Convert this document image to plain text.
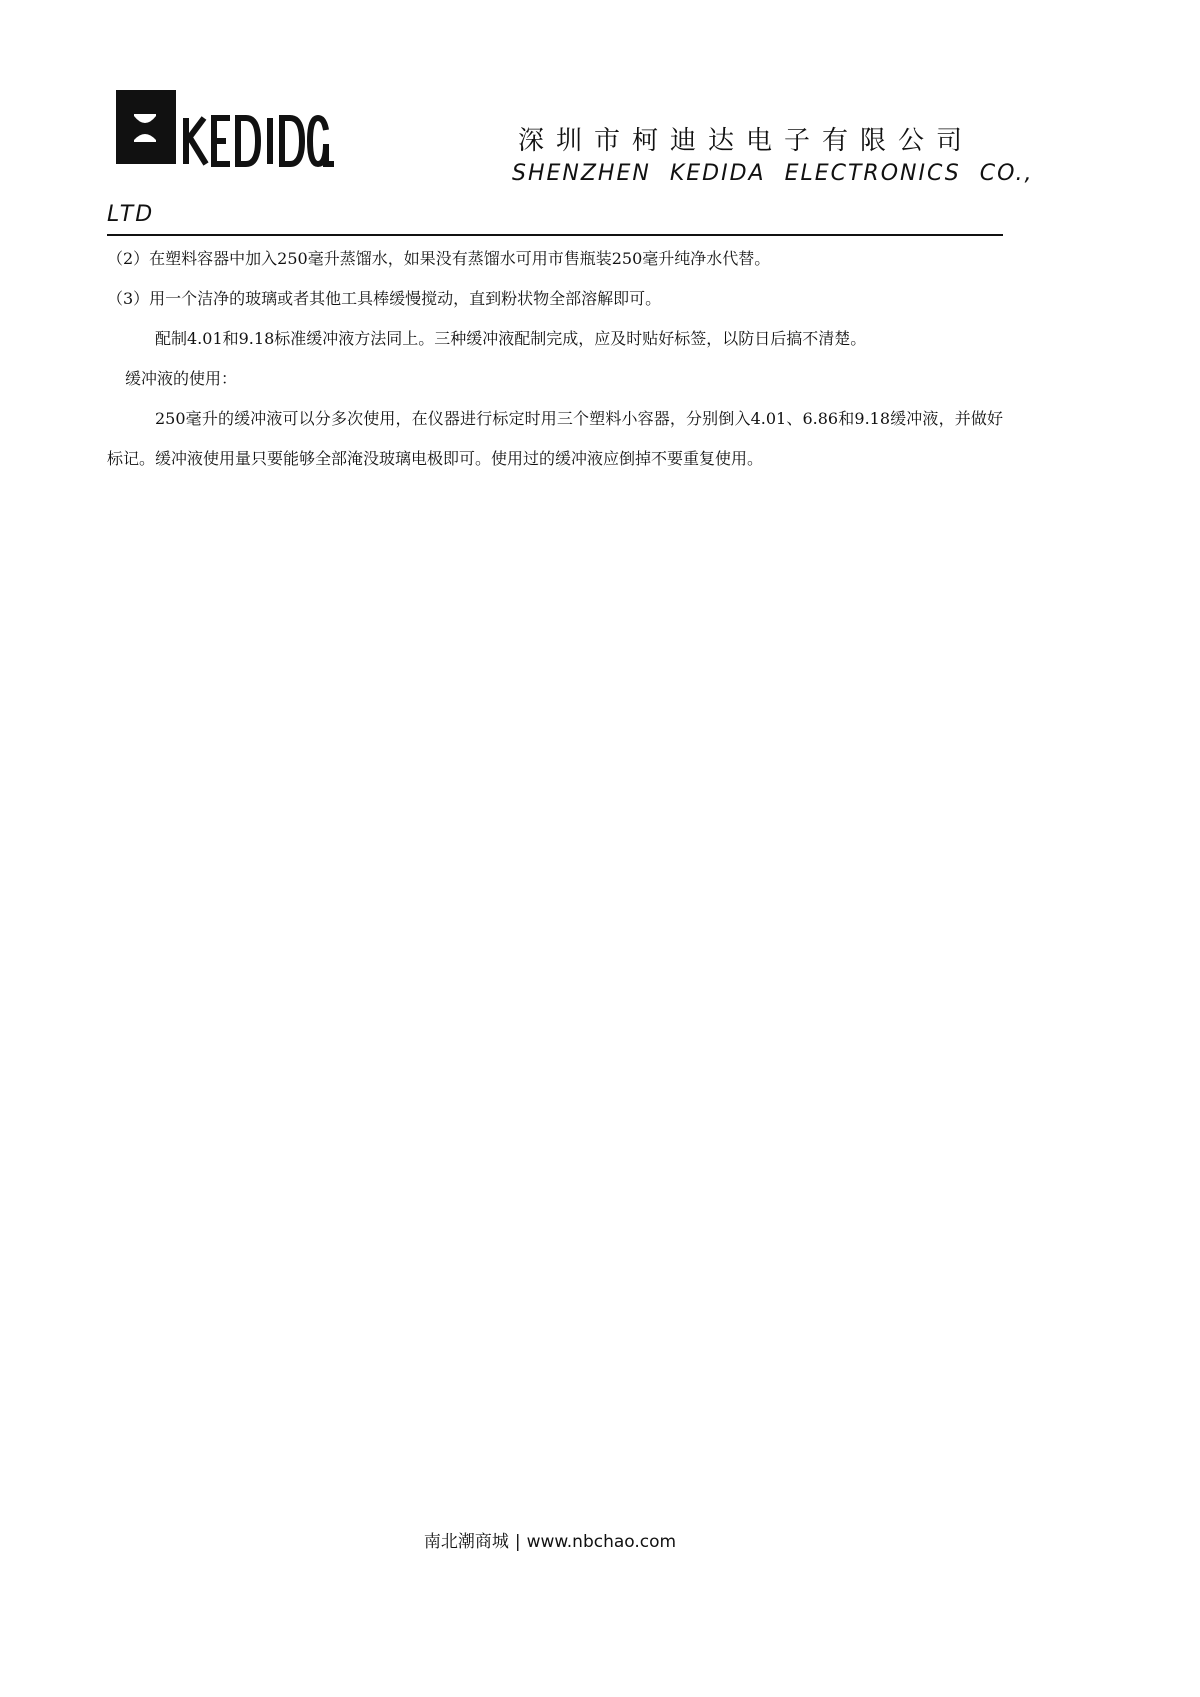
深圳市柯迪达电子有限公司
SHENZHEN KEDIDA ELECTRONICS CO.,
LTD

（2）在塑料容器中加入250毫升蒸馏水，如果没有蒸馏水可用市售瓶装250毫升纯净水代替。

（3）用一个洁净的玻璃或者其他工具棒缓慢搅动，直到粉状物全部溶解即可。

配制4.01和9.18标准缓冲液方法同上。三种缓冲液配制完成，应及时贴好标签，以防日后搞不清楚。

缓冲液的使用：

250毫升的缓冲液可以分多次使用，在仪器进行标定时用三个塑料小容器，分别倒入4.01、6.86和9.18缓冲液，并做好标记。缓冲液使用量只要能够全部淹没玻璃电极即可。使用过的缓冲液应倒掉不要重复使用。

南北潮商城 | www.nbchao.com
